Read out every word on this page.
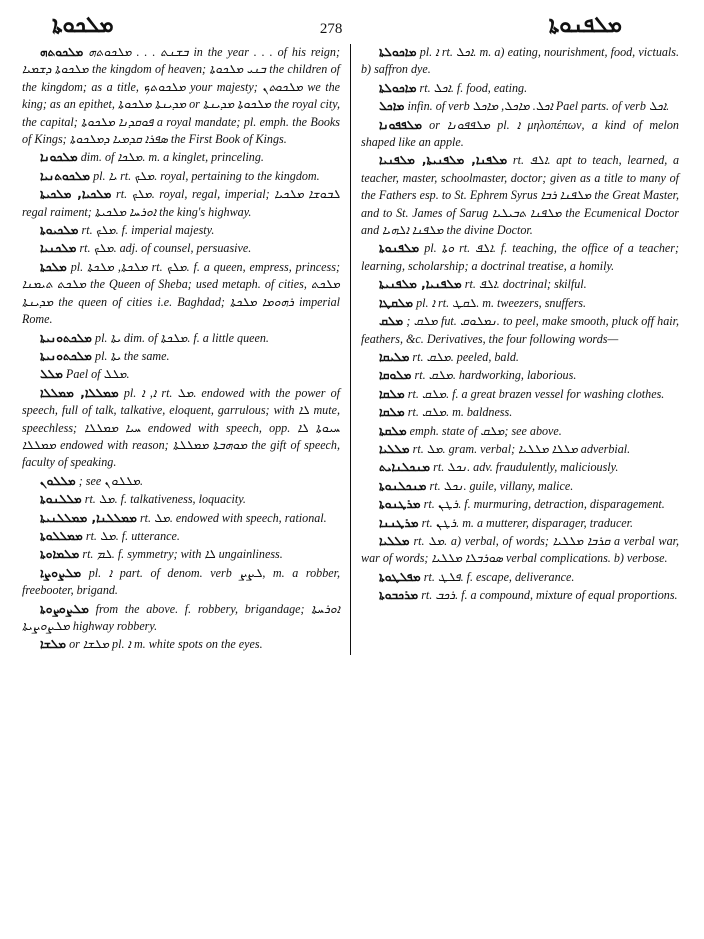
ܡܠܟܘܬܐ	278	ܡܠܦܢܘܬܐ

ܡܠܟܘܬܗ ܒܫܢܬ . . . ܡܠܟܘܬܗ in the year . . . of his reign; ܡܠܟܘܬܐ ܕܫܡܝܐ the kingdom of heaven; ܒܢܝ ܡܠܟܘܬܐ the children of the kingdom; as a title, ܡܠܟܘܬܟ your majesty; ܡܠܟܘܬܢ we the king; as an epithet, ܡܕܝܢܬܐ ܡܠܟܘܬܐ or ܡܠܟܘܬܐ ܡܕܝܢܬܐ the royal city, the capital; ܦܘܩܕܢܐ ܡܠܟܘܬܐ a royal mandate; pl. emph. the Books of Kings; ܣܦܪܐ ܩܕܡܝܐ ܕܡܠܟܘܬܐ the First Book of Kings.

ܡܠܟܘܢܐ dim. of ܡܠܟܐ. m. a kinglet, princeling.

ܡܠܟܘܬܢܝܐ pl. ܝܐ rt. ܡܠܟ. royal, pertaining to the kingdom.

ܡܠܟܝܐ, ܡܠܟܝܬܐ rt. ܡܠܟ. royal, regal, imperial; ܠܒܘܫܐ ܡܠܟܝܐ regal raiment; ܐܘܪܚܐ ܡܠܟܝܬܐ the king's highway.

ܡܠܟܝܘܬܐ rt. ܡܠܟ. f. imperial majesty.

ܡܠܟܢܝܐ rt. ܡܠܟ. adj. of counsel, persuasive.

ܡܠܟܬܐ pl. ܡܠܟܬܐ, ܡܠܟܬܐ rt. ܡܠܟ. f. a queen, empress, princess; ܡܠܟܬ ܬܝܡܢܐ the Queen of Sheba; used metaph. of cities, ܡܠܟܬ ܡܕܝܢܬܐ the queen of cities i.e. Baghdad; ܪܗܘܡܐ ܡܠܟܬܐ imperial Rome.

ܡܠܟܬܘܢܝܬܐ pl. ܝܬܐ dim. of ܡܠܟܬܐ. f. a little queen.

ܡܠܟܬܘܢܝܬܐ pl. ܝܬܐ the same.

ܡܠܠ Pael of ܡܠܠ.

ܡܡܠܠܐ, ܡܡܠܠܐ pl. ܐ, ܐ rt. ܡܠ. endowed with the power of speech, full of talk, talkative, eloquent, garrulous; with ܠܐ mute, speechless; ܚܝܐ ܡܡܠܠܐ endowed with speech, opp. ܚܝܘܬܐ ܠܐ ܡܡܠܠܐ endowed with reason; ܡܘܗܒܬܐ ܡܡܠܠܬܐ the gift of speech, faculty of speaking.

ܡܠܠܘܢ ; see ܡܠܠܘܢ.

ܡܠܠܢܘܬܐ rt. ܡܠ. f. talkativeness, loquacity.

ܡܡܠܠܢܐ, ܡܡܠܠܢܝܬܐ rt. ܡܠ. endowed with speech, rational.

ܡܡܠܠܘܬܐ rt. ܡܠ. f. utterance.

ܡܠܡܐܘܬܐ rt. ܠܡ. f. symmetry; with ܠܐ ungainliness.

ܡܠܨܘܨܐ pl. ܐ part. of denom. verb ܠܨܨ, m. a robber, freebooter, brigand.

ܡܠܨܘܨܘܬܐ from the above. f. robbery, brigandage; ܐܘܪܚܬܐ ܡܠܨܘܨܝܬܐ highway robbery.

ܡܠܫܐ or ܡܠܫܐ pl. ܐ m. white spots on the eyes.

ܡܐܟܘܠܬܐ pl. ܐ rt. ܐܟܠ. m. a) eating, nourishment, food, victuals. b) saffron dye.

ܡܐܟܘܠܬܐ rt. ܐܟܠ. f. food, eating.

ܡܐܟܠ infin. of verb ܐܟܠ. ܡܐܟܠ, ܡܐܟܠ Pael parts. of verb ܐܟܠ.

ܡܠܦܦܘܢܐ or ܡܠܦܦܘܢܐ pl. ܐ μηλοπέπων, a kind of melon shaped like an apple.

ܡܠܦܢܐ, ܡܠܦܢܝܬܐ, ܡܠܦܢܝܐ rt. ܐܠܦ. apt to teach, learned, a teacher, master, schoolmaster, doctor; given as a title to many of the Fathers esp. to St. Ephrem Syrus ܡܠܦܢܐ ܪܒܐ the Great Master, and to St. James of Sarug ܡܠܦܢܐ ܬܒܝܠܝܐ the Ecumenical Doctor and ܡܠܦܢܐ ܐܠܗܝܐ the divine Doctor.

ܡܠܦܢܘܬܐ pl. ܘܬܐ rt. ܐܠܦ. f. teaching, the office of a teacher; learning, scholarship; a doctrinal treatise, a homily.

ܡܠܦܢܝܐ, ܡܠܦܢܝܬܐ rt. ܐܠܦ. doctrinal; skilful.

ܡܠܩܛܐ pl. ܐ rt. ܠܩܛ. m. tweezers, snuffers.

ܡܠܩ ; ܡܠܩ fut. ܢܡܠܘܩ. to peel, make smooth, pluck off hair, feathers, &c. Derivatives, the four following words—

ܡܠܝܩܐ rt. ܡܠܩ. peeled, bald.

ܡܠܘܩܐ rt. ܡܠܩ. hardworking, laborious.

ܡܠܩܐ rt. ܡܠܩ. f. a great brazen vessel for washing clothes.

ܡܠܩܐ rt. ܡܠܩ. m. baldness.

ܡܠܩܬܐ emph. state of ܡܠܩ; see above.

ܡܠܠܝܐ rt. ܡܠ. gram. verbal; ܡܠܠܐ ܡܠܠܝܐ adverbial.

ܡܢܟܠܢܐܝܬ rt. ܢܟܠ. adv. fraudulently, maliciously.

ܡܢܟܠܢܘܬܐ rt. ܢܟܠ. guile, villany, malice.

ܡܪܛܢܘܬܐ rt. ܪܛܢ. f. murmuring, detraction, disparagement.

ܡܪܛܢܢܐ rt. ܪܛܢ. m. a mutterer, disparager, traducer.

ܡܠܠܝܐ rt. ܡܠ. a) verbal, of words; ܩܪܒܐ ܡܠܠܝܐ a verbal war, war of words; ܣܘܪܒܠܐ ܡܠܠܝܐ verbal complications. b) verbose.

ܡܦܠܛܘܬܐ rt. ܦܠܛ. f. escape, deliverance.

ܡܪܟܒܘܬܐ rt. ܪܟܒ. f. a compound, mixture of equal proportions.
